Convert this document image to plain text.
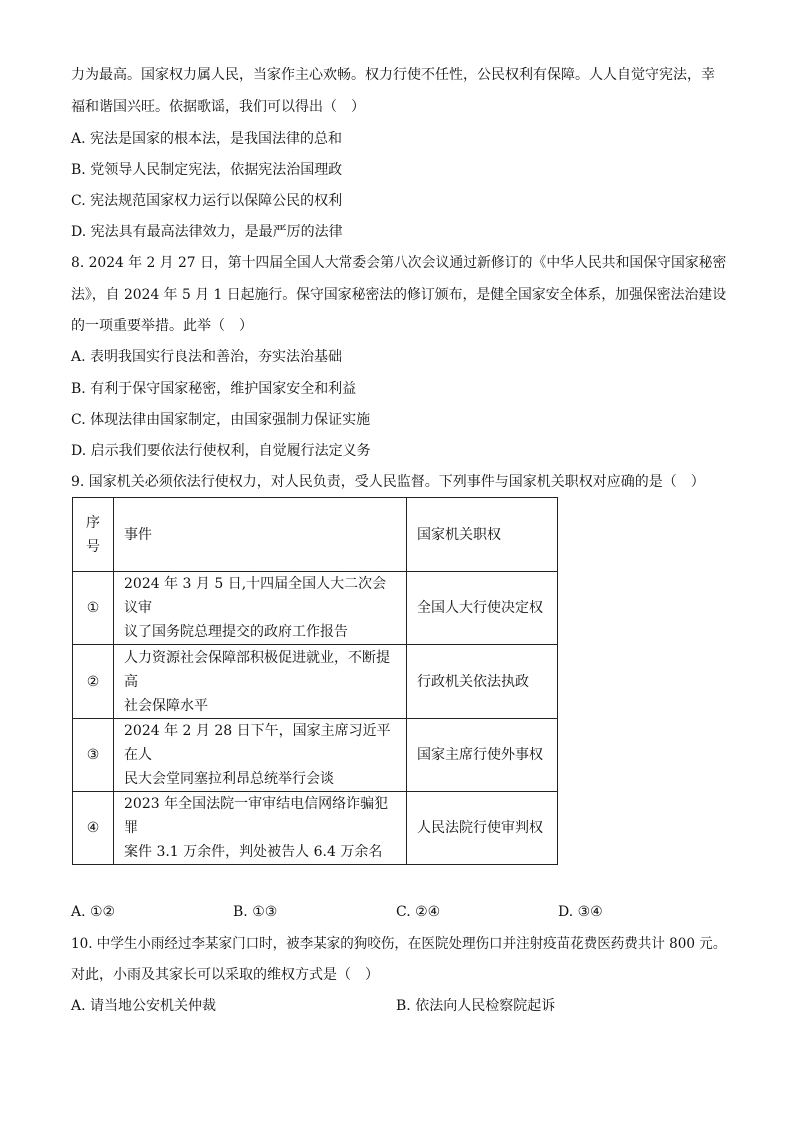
力为最高。国家权力属人民，当家作主心欢畅。权力行使不任性，公民权利有保障。人人自觉守宪法，幸
福和谐国兴旺。依据歌谣，我们可以得出（　）
A. 宪法是国家的根本法，是我国法律的总和
B. 党领导人民制定宪法，依据宪法治国理政
C. 宪法规范国家权力运行以保障公民的权利
D. 宪法具有最高法律效力，是最严厉的法律
8. 2024 年 2 月 27 日，第十四届全国人大常委会第八次会议通过新修订的《中华人民共和国保守国家秘密
法》，自 2024 年 5 月 1 日起施行。保守国家秘密法的修订颁布，是健全国家安全体系，加强保密法治建设
的一项重要举措。此举（　）
A. 表明我国实行良法和善治，夯实法治基础
B. 有利于保守国家秘密，维护国家安全和利益
C. 体现法律由国家制定，由国家强制力保证实施
D. 启示我们要依法行使权利，自觉履行法定义务
9. 国家机关必须依法行使权力，对人民负责，受人民监督。下列事件与国家机关职权对应确的是（　）
序
号	事件	国家机关职权
①	2024 年 3 月 5 日,十四届全国人大二次会议审
议了国务院总理提交的政府工作报告	全国人大行使决定权
②	人力资源社会保障部积极促进就业，不断提高
社会保障水平	行政机关依法执政
③	2024 年 2 月 28 日下午，国家主席习近平在人
民大会堂同塞拉利昂总统举行会谈	国家主席行使外事权
④	2023 年全国法院一审审结电信网络诈骗犯罪
案件 3.1 万余件，判处被告人 6.4 万余名	人民法院行使审判权
A. ①②	B. ①③	C. ②④	D. ③④
10. 中学生小雨经过李某家门口时，被李某家的狗咬伤，在医院处理伤口并注射疫苗花费医药费共计 800 元。
对此，小雨及其家长可以采取的维权方式是（　）
A. 请当地公安机关仲裁	B. 依法向人民检察院起诉
